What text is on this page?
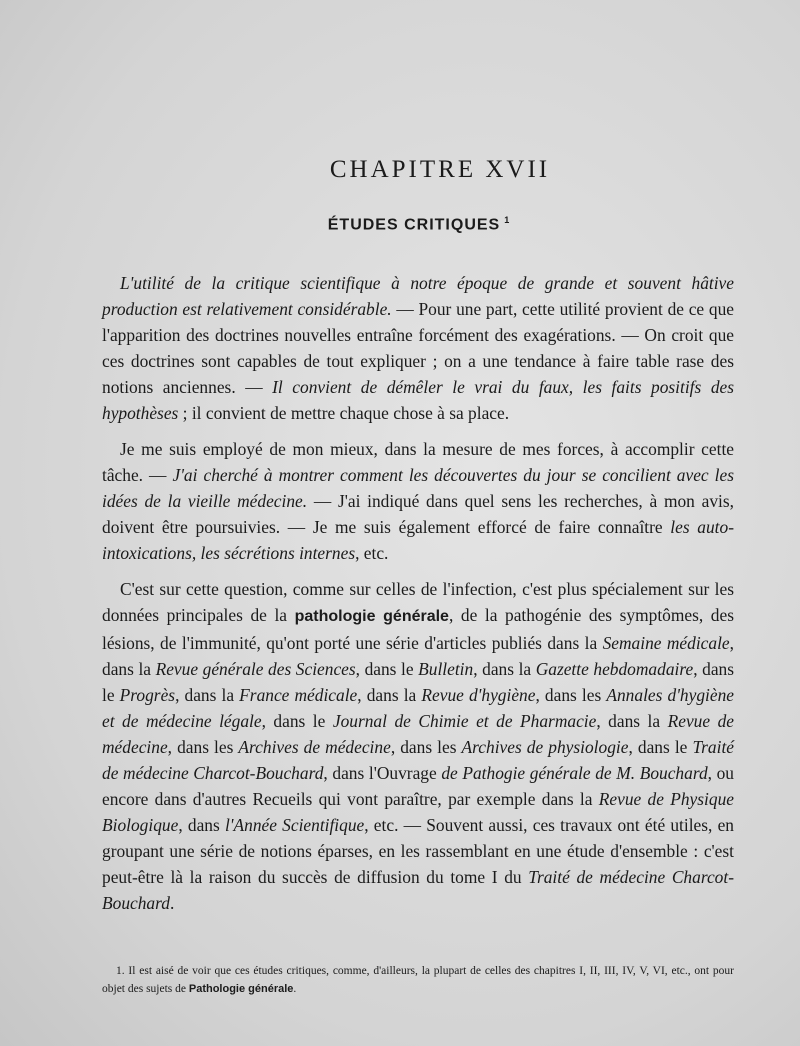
CHAPITRE XVII
ÉTUDES CRITIQUES $^1$

L'utilité de la critique scientifique à notre époque de grande et souvent hâtive production est relativement considérable. — Pour une part, cette utilité provient de ce que l'apparition des doctrines nouvelles entraîne forcément des exagérations. — On croit que ces doctrines sont capables de tout expliquer ; on a une tendance à faire table rase des notions anciennes. — Il convient de démêler le vrai du faux, les faits positifs des hypothèses ; il convient de mettre chaque chose à sa place.

Je me suis employé de mon mieux, dans la mesure de mes forces, à accomplir cette tâche. — J'ai cherché à montrer comment les découvertes du jour se concilient avec les idées de la vieille médecine. — J'ai indiqué dans quel sens les recherches, à mon avis, doivent être poursuivies. — Je me suis également efforcé de faire connaître les auto-intoxications, les sécrétions internes, etc.

C'est sur cette question, comme sur celles de l'infection, c'est plus spécialement sur les données principales de la pathologie générale, de la pathogénie des symptômes, des lésions, de l'immunité, qu'ont porté une série d'articles publiés dans la Semaine médicale, dans la Revue générale des Sciences, dans le Bulletin, dans la Gazette hebdomadaire, dans le Progrès, dans la France médicale, dans la Revue d'hygiène, dans les Annales d'hygiène et de médecine légale, dans le Journal de Chimie et de Pharmacie, dans la Revue de médecine, dans les Archives de médecine, dans les Archives de physiologie, dans le Traité de médecine Charcot-Bouchard, dans l'Ouvrage de Pathogie générale de M. Bouchard, ou encore dans d'autres Recueils qui vont paraître, par exemple dans la Revue de Physique Biologique, dans l'Année Scientifique, etc. — Souvent aussi, ces travaux ont été utiles, en groupant une série de notions éparses, en les rassemblant en une étude d'ensemble : c'est peut-être là la raison du succès de diffusion du tome I du Traité de médecine Charcot-Bouchard.

1. Il est aisé de voir que ces études critiques, comme, d'ailleurs, la plupart de celles des chapitres I, II, III, IV, V, VI, etc., ont pour objet des sujets de Pathologie générale.
